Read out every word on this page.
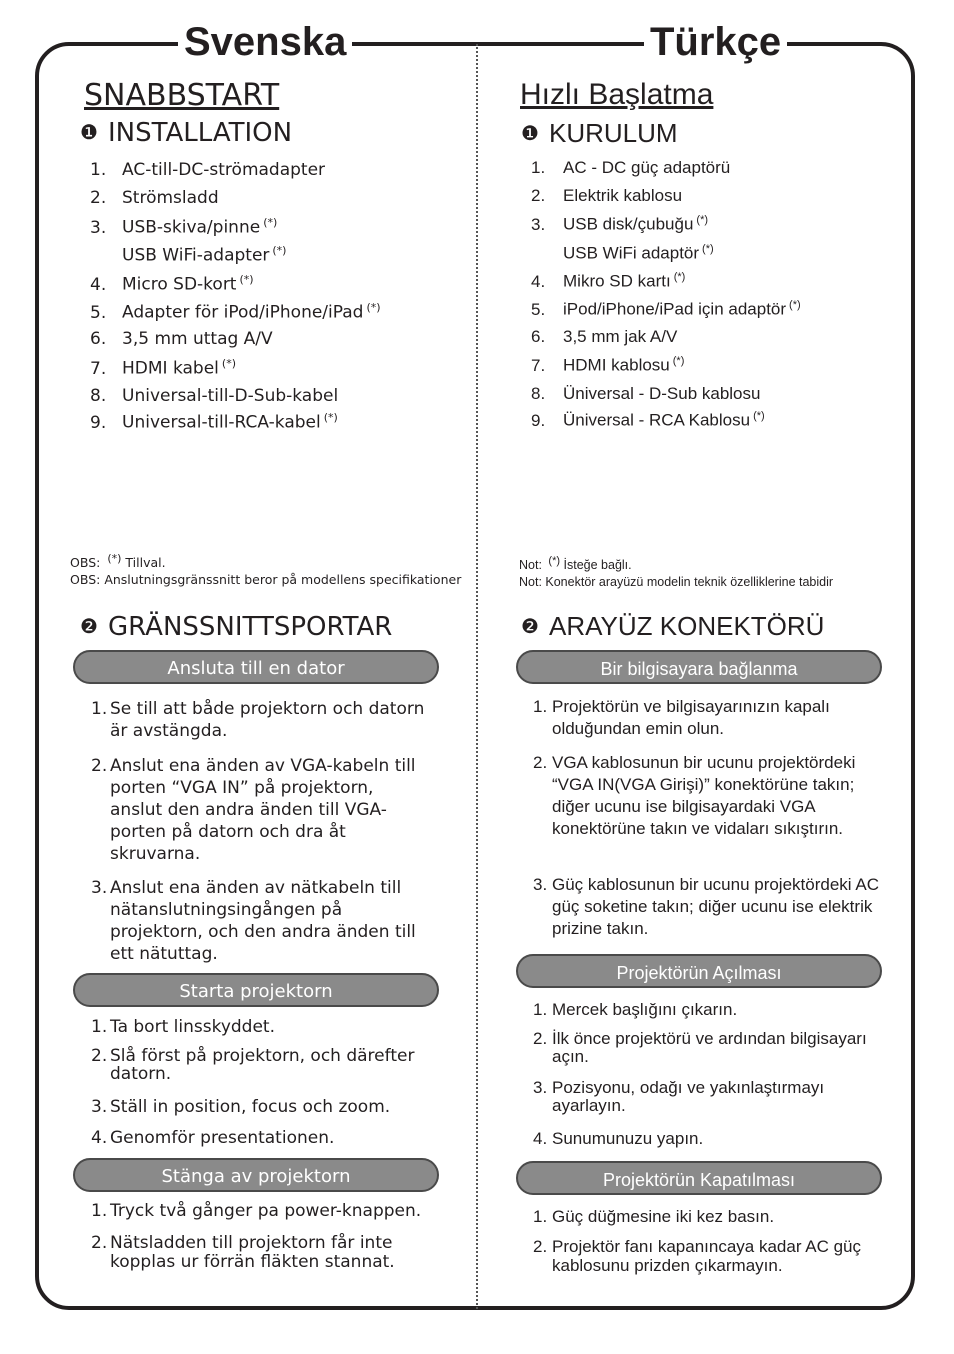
Svenska	Türkçe
SNABBSTART
❶ INSTALLATION
1. AC-till-DC-strömadapter
2. Strömsladd
3. USB-skiva/pinne (*)
USB WiFi-adapter (*)
4. Micro SD-kort (*)
5. Adapter för iPod/iPhone/iPad (*)
6. 3,5 mm uttag A/V
7. HDMI kabel (*)
8. Universal-till-D-Sub-kabel
9. Universal-till-RCA-kabel (*)
OBS: (*) Tillval.
OBS: Anslutningsgränssnitt beror på modellens specifikationer
❷ GRÄNSSNITTSPORTAR
Ansluta till en dator
1. Se till att både projektorn och datorn är avstängda.
2. Anslut ena änden av VGA-kabeln till porten “VGA IN” på projektorn, anslut den andra änden till VGA-porten på datorn och dra åt skruvarna.
3. Anslut ena änden av nätkabeln till nätanslutningsingången på projektorn, och den andra änden till ett nätuttag.
Starta projektorn
1. Ta bort linsskyddet.
2. Slå först på projektorn, och därefter datorn.
3. Ställ in position, focus och zoom.
4. Genomför presentationen.
Stänga av projektorn
1. Tryck två gånger pa power-knappen.
2. Nätsladden till projektorn får inte kopplas ur förrän fläkten stannat.
Hızlı Başlatma
❶ KURULUM
1. AC - DC güç adaptörü
2. Elektrik kablosu
3. USB disk/çubuğu (*)
USB WiFi adaptör (*)
4. Mikro SD kartı (*)
5. iPod/iPhone/iPad için adaptör (*)
6. 3,5 mm jak A/V
7. HDMI kablosu (*)
8. Üniversal - D-Sub kablosu
9. Üniversal - RCA Kablosu (*)
Not: (*) İsteğe bağlı.
Not: Konektör arayüzü modelin teknik özelliklerine tabidir
❷ ARAYÜZ KONEKTÖRÜ
Bir bilgisayara bağlanma
1. Projektörün ve bilgisayarınızın kapalı olduğundan emin olun.
2. VGA kablosunun bir ucunu projektördeki “VGA IN(VGA Girişi)” konektörüne takın; diğer ucunu ise bilgisayardaki VGA konektörüne takın ve vidaları sıkıştırın.
3. Güç kablosunun bir ucunu projektördeki AC güç soketine takın; diğer ucunu ise elektrik prizine takın.
Projektörün Açılması
1. Mercek başlığını çıkarın.
2. İlk önce projektörü ve ardından bilgisayarı açın.
3. Pozisyonu, odağı ve yakınlaştırmayı ayarlayın.
4. Sunumunuzu yapın.
Projektörün Kapatılması
1. Güç düğmesine iki kez basın.
2. Projektör fanı kapanıncaya kadar AC güç kablosunu prizden çıkarmayın.
